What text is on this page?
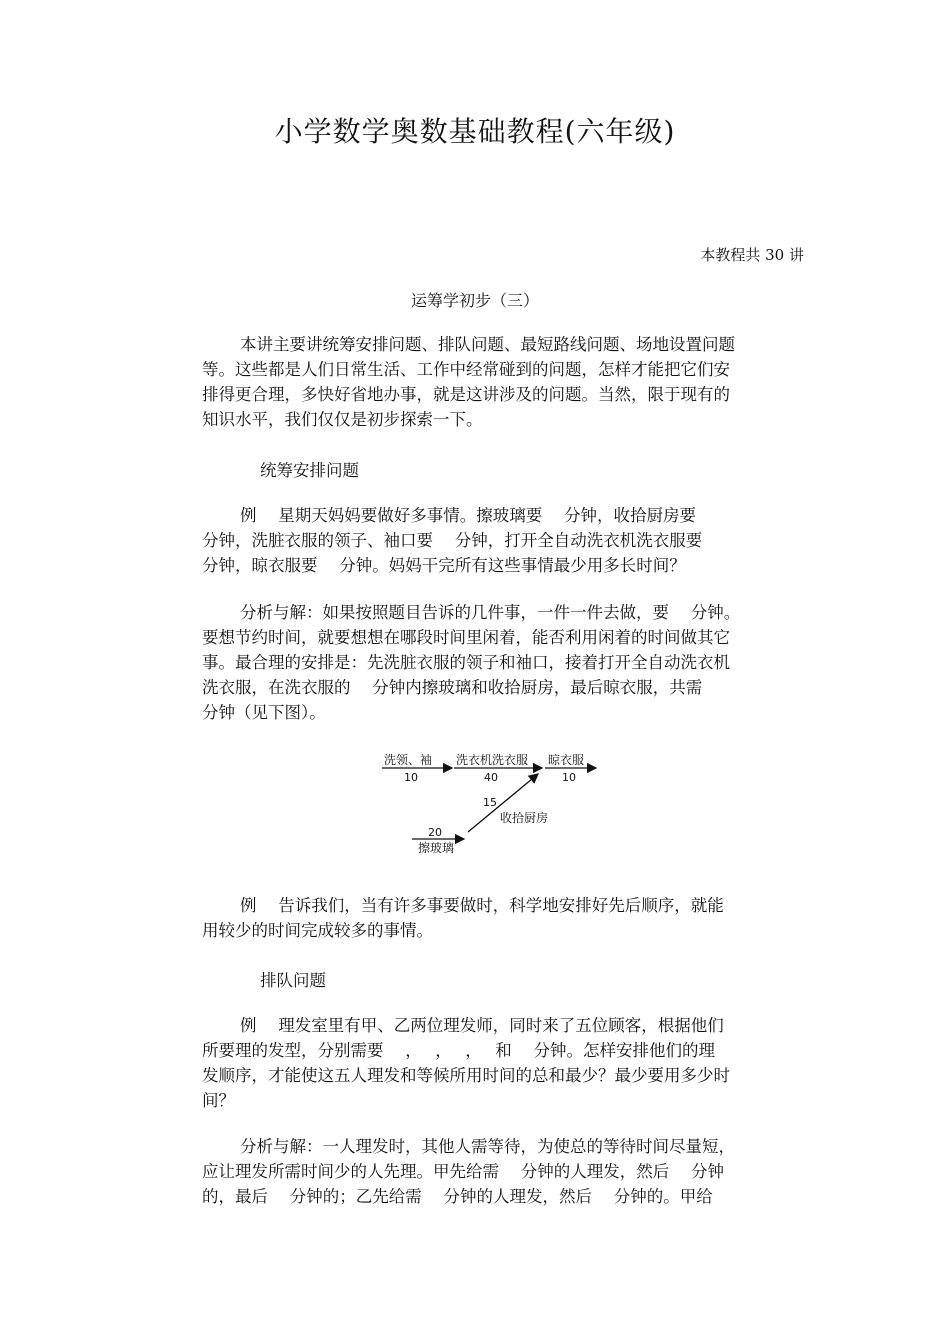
小学数学奥数基础教程(六年级)
本教程共 30 讲
运筹学初步（三）
本讲主要讲统筹安排问题、排队问题、最短路线问题、场地设置问题
等。这些都是人们日常生活、工作中经常碰到的问题，怎样才能把它们安
排得更合理，多快好省地办事，就是这讲涉及的问题。当然，限于现有的
知识水平，我们仅仅是初步探索一下。
统筹安排问题
例　 星期天妈妈要做好多事情。擦玻璃要　 分钟，收拾厨房要
分钟，洗脏衣服的领子、袖口要　 分钟，打开全自动洗衣机洗衣服要
分钟，晾衣服要　 分钟。妈妈干完所有这些事情最少用多长时间？
分析与解：如果按照题目告诉的几件事，一件一件去做，要　 分钟。
要想节约时间，就要想想在哪段时间里闲着，能否利用闲着的时间做其它
事。最合理的安排是：先洗脏衣服的领子和袖口，接着打开全自动洗衣机
洗衣服，在洗衣服的　 分钟内擦玻璃和收拾厨房，最后晾衣服，共需
分钟（见下图）。
洗领、袖
10
洗衣机洗衣服
40
晾衣服
10
15
收拾厨房
20
擦玻璃
例　 告诉我们，当有许多事要做时，科学地安排好先后顺序，就能
用较少的时间完成较多的事情。
排队问题
例　 理发室里有甲、乙两位理发师，同时来了五位顾客，根据他们
所要理的发型，分别需要　 ，　 ，　 ，　 和　 分钟。怎样安排他们的理
发顺序，才能使这五人理发和等候所用时间的总和最少？最少要用多少时
间？
分析与解：一人理发时，其他人需等待，为使总的等待时间尽量短，
应让理发所需时间少的人先理。甲先给需　 分钟的人理发，然后　 分钟
的，最后　 分钟的；乙先给需　 分钟的人理发，然后　 分钟的。甲给
